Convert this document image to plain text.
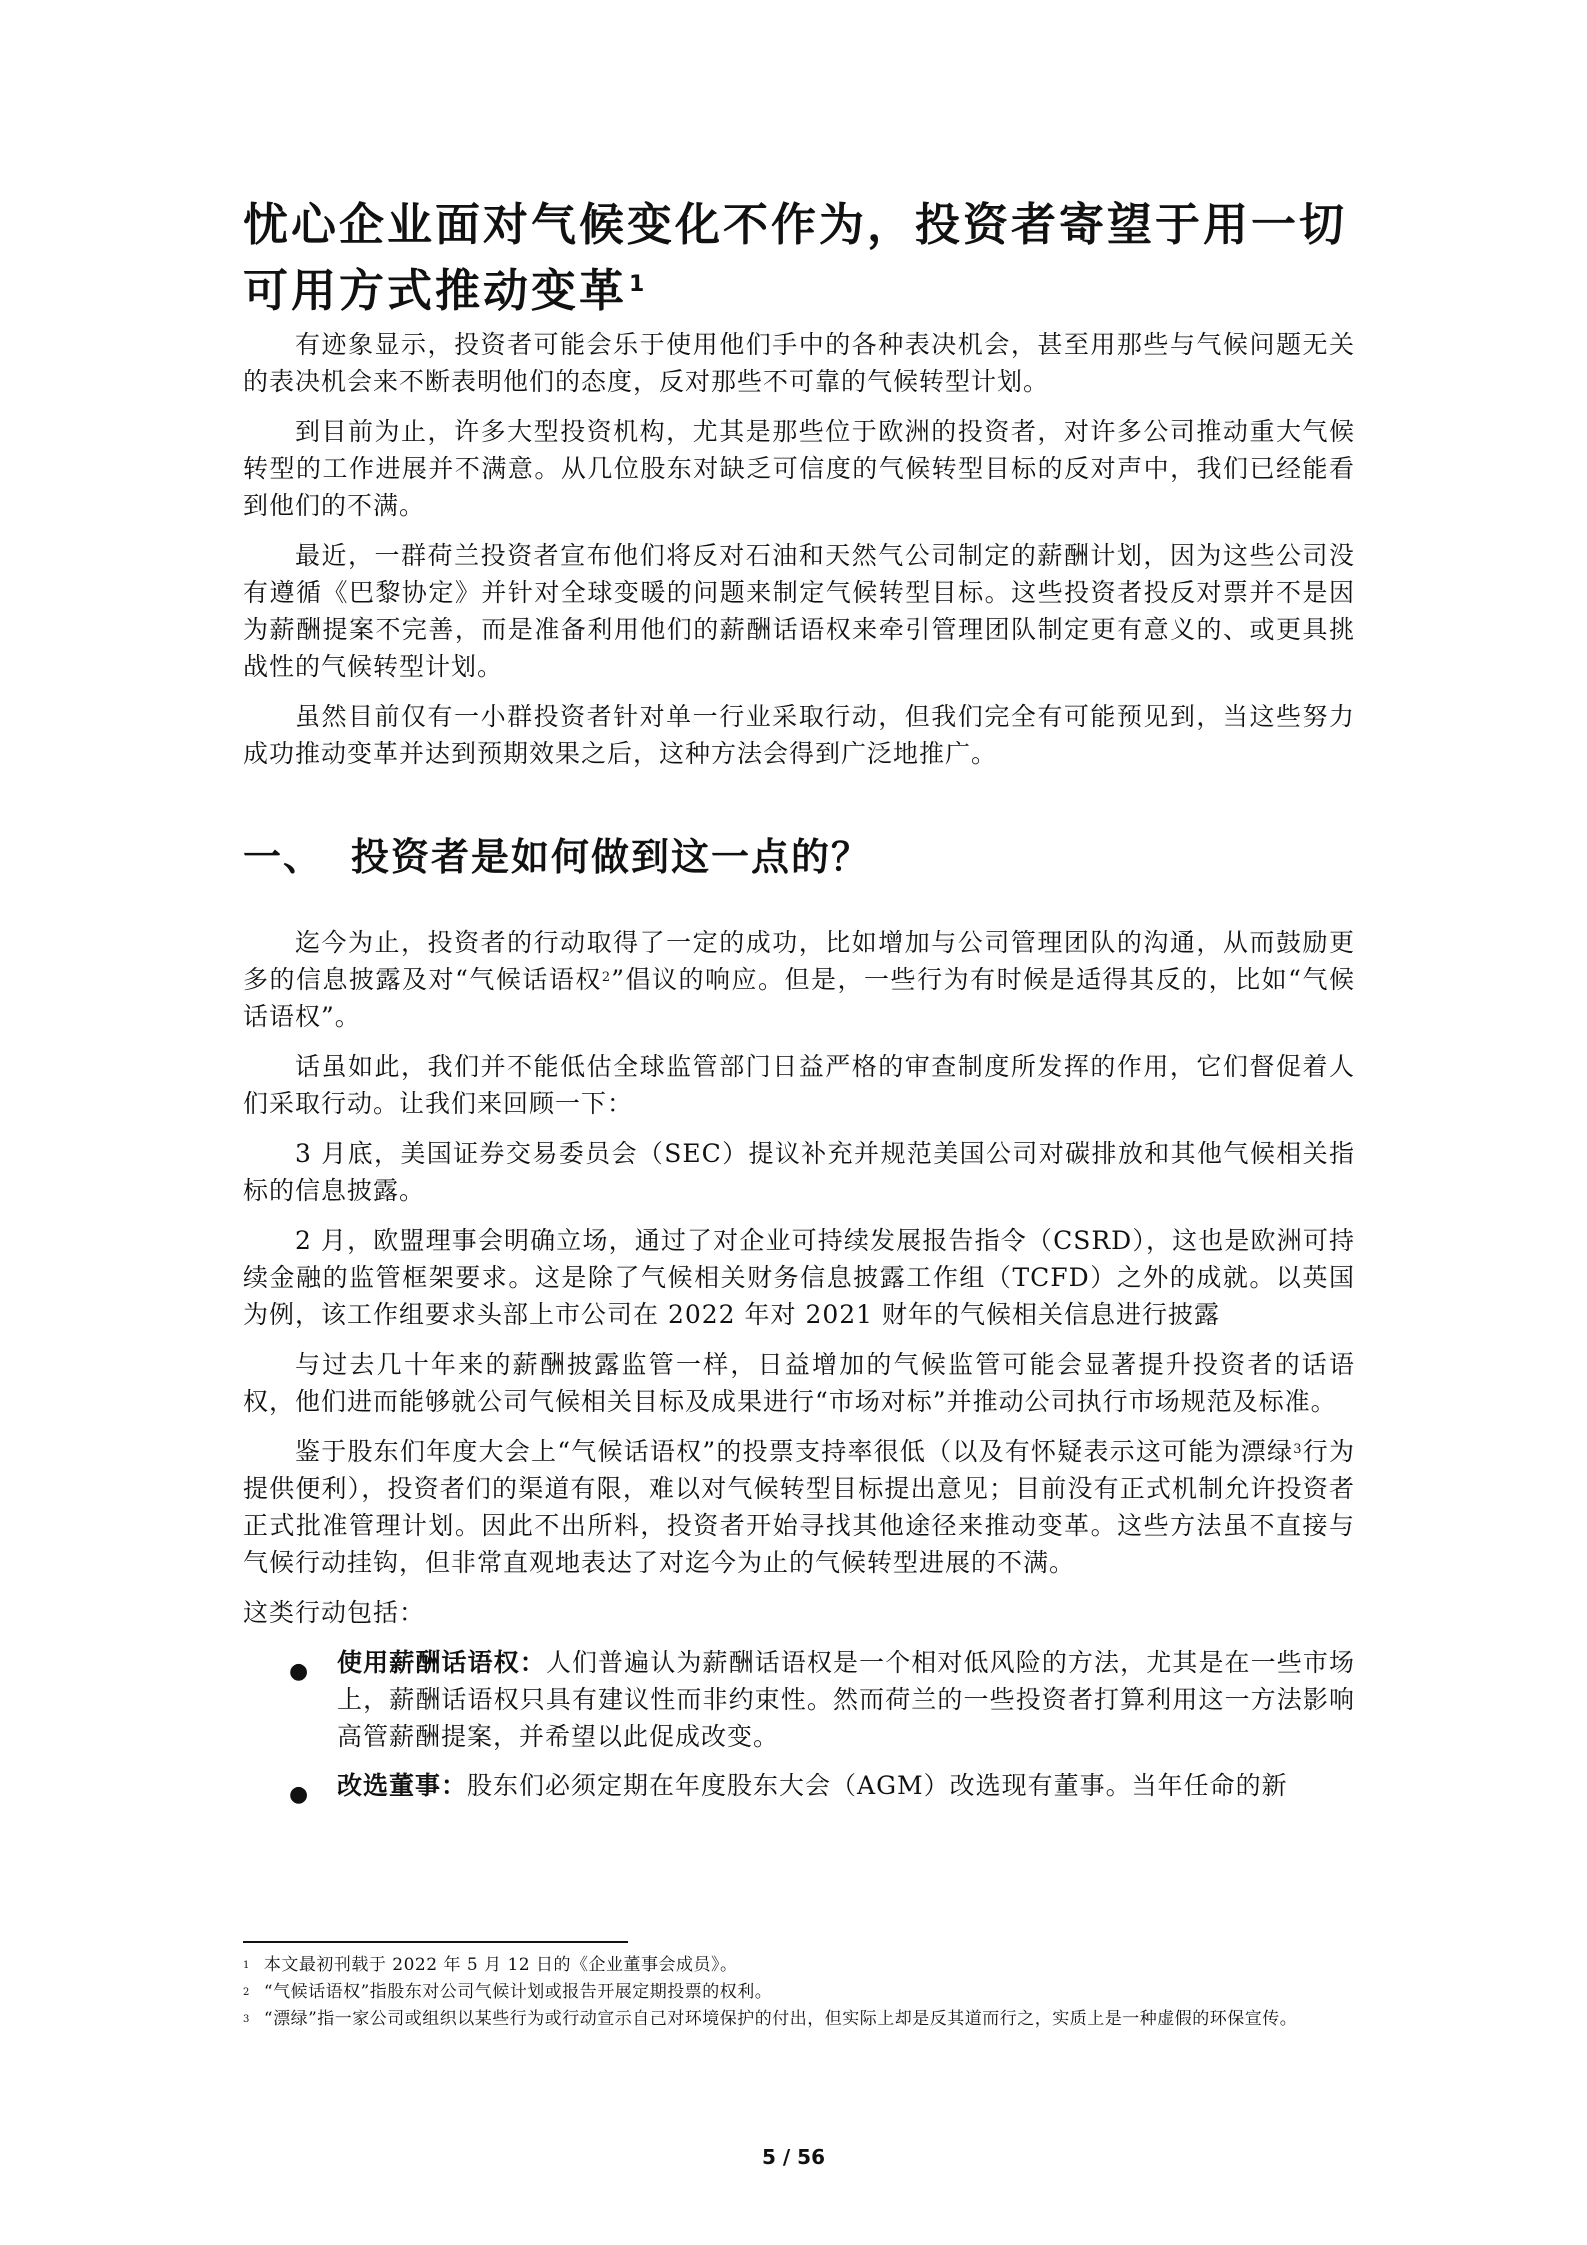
忧心企业面对气候变化不作为，投资者寄望于用一切可用方式推动变革$^1$

有迹象显示，投资者可能会乐于使用他们手中的各种表决机会，甚至用那些与气候问题无关的表决机会来不断表明他们的态度，反对那些不可靠的气候转型计划。

到目前为止，许多大型投资机构，尤其是那些位于欧洲的投资者，对许多公司推动重大气候转型的工作进展并不满意。从几位股东对缺乏可信度的气候转型目标的反对声中，我们已经能看到他们的不满。

最近，一群荷兰投资者宣布他们将反对石油和天然气公司制定的薪酬计划，因为这些公司没有遵循《巴黎协定》并针对全球变暖的问题来制定气候转型目标。这些投资者投反对票并不是因为薪酬提案不完善，而是准备利用他们的薪酬话语权来牵引管理团队制定更有意义的、或更具挑战性的气候转型计划。

虽然目前仅有一小群投资者针对单一行业采取行动，但我们完全有可能预见到，当这些努力成功推动变革并达到预期效果之后，这种方法会得到广泛地推广。

一、 投资者是如何做到这一点的？

迄今为止，投资者的行动取得了一定的成功，比如增加与公司管理团队的沟通，从而鼓励更多的信息披露及对“气候话语权$^2$”倡议的响应。但是，一些行为有时候是适得其反的，比如“气候话语权”。

话虽如此，我们并不能低估全球监管部门日益严格的审查制度所发挥的作用，它们督促着人们采取行动。让我们来回顾一下：

3 月底，美国证券交易委员会（SEC）提议补充并规范美国公司对碳排放和其他气候相关指标的信息披露。

2 月，欧盟理事会明确立场，通过了对企业可持续发展报告指令（CSRD），这也是欧洲可持续金融的监管框架要求。这是除了气候相关财务信息披露工作组（TCFD）之外的成就。以英国为例，该工作组要求头部上市公司在 2022 年对 2021 财年的气候相关信息进行披露

与过去几十年来的薪酬披露监管一样，日益增加的气候监管可能会显著提升投资者的话语权，他们进而能够就公司气候相关目标及成果进行“市场对标”并推动公司执行市场规范及标准。

鉴于股东们年度大会上“气候话语权”的投票支持率很低（以及有怀疑表示这可能为漂绿$^3$行为提供便利），投资者们的渠道有限，难以对气候转型目标提出意见；目前没有正式机制允许投资者正式批准管理计划。因此不出所料，投资者开始寻找其他途径来推动变革。这些方法虽不直接与气候行动挂钩，但非常直观地表达了对迄今为止的气候转型进展的不满。

这类行动包括：

● 使用薪酬话语权：人们普遍认为薪酬话语权是一个相对低风险的方法，尤其是在一些市场上，薪酬话语权只具有建议性而非约束性。然而荷兰的一些投资者打算利用这一方法影响高管薪酬提案，并希望以此促成改变。
● 改选董事：股东们必须定期在年度股东大会（AGM）改选现有董事。当年任命的新

$^1$ 本文最初刊载于 2022 年 5 月 12 日的《企业董事会成员》。

$^2$ “气候话语权”指股东对公司气候计划或报告开展定期投票的权利。

$^3$ “漂绿”指一家公司或组织以某些行为或行动宣示自己对环境保护的付出，但实际上却是反其道而行之，实质上是一种虚假的环保宣传。

5 / 56
